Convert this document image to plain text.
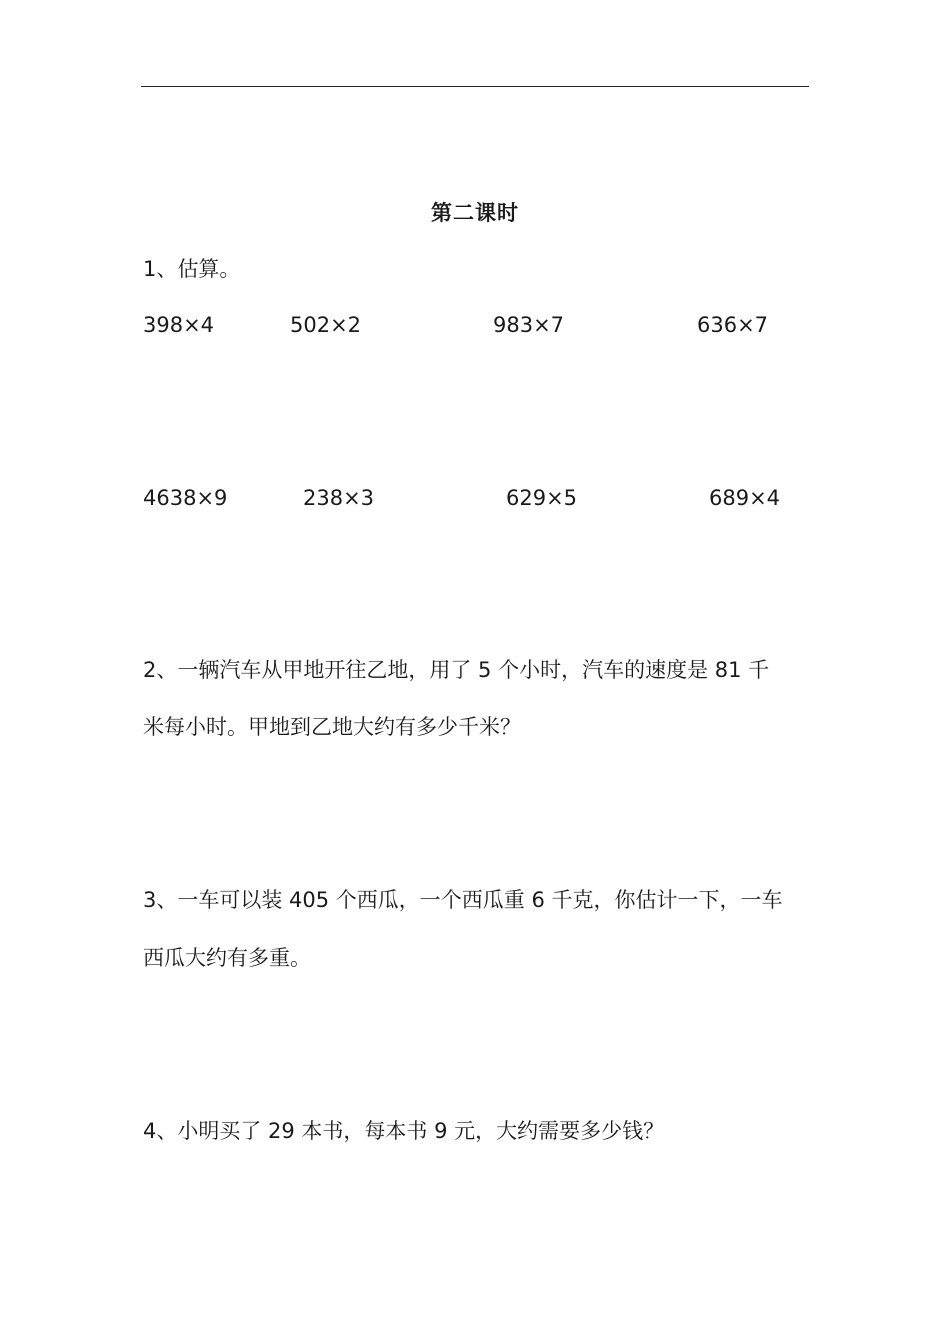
第二课时
1、估算。
398×4	502×2	983×7	636×7
4638×9	238×3	629×5	689×4
2、一辆汽车从甲地开往乙地，用了 5 个小时，汽车的速度是 81 千
米每小时。甲地到乙地大约有多少千米？
3、一车可以装 405 个西瓜，一个西瓜重 6 千克，你估计一下，一车
西瓜大约有多重。
4、小明买了 29 本书，每本书 9 元，大约需要多少钱？
